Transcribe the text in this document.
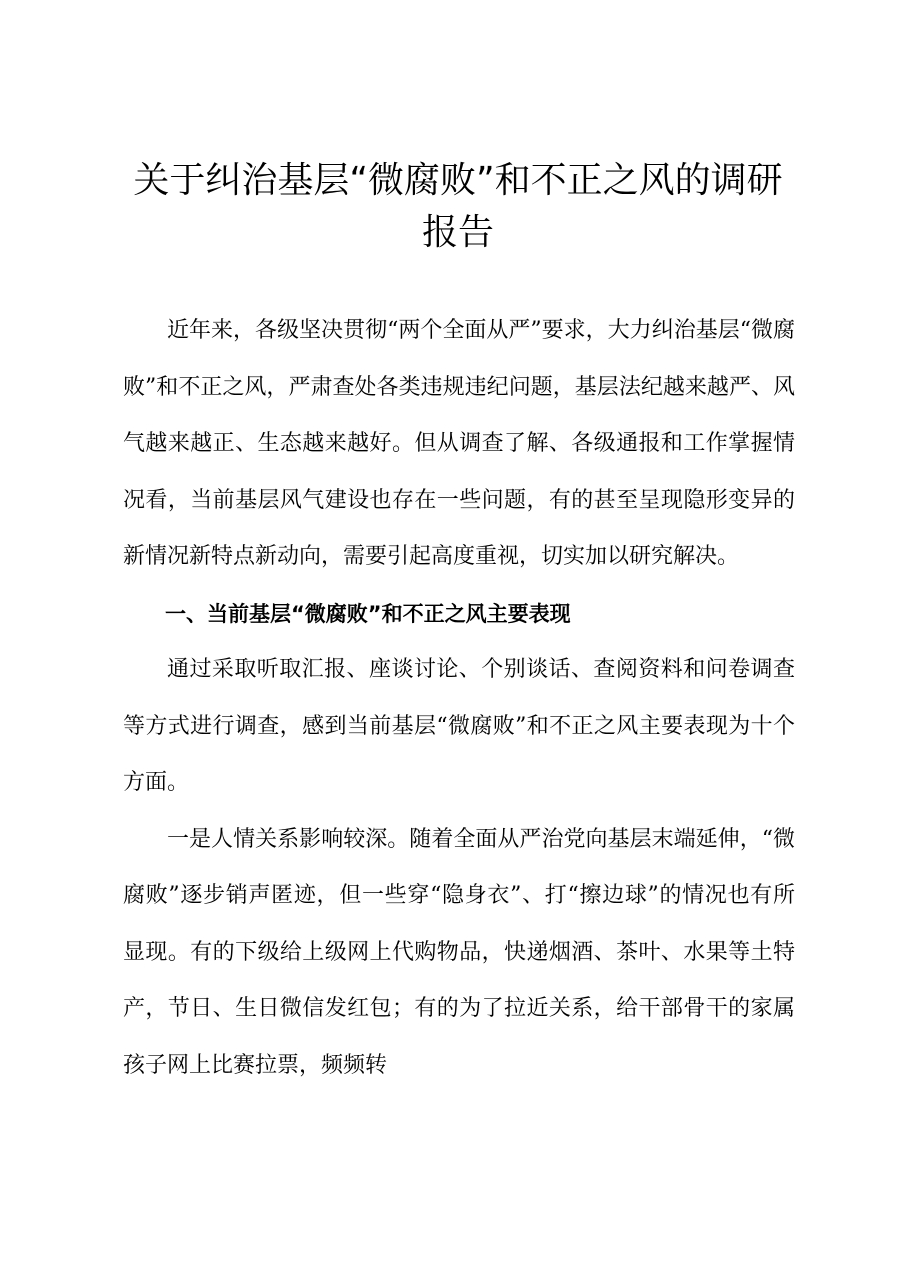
关于纠治基层“微腐败”和不正之风的调研报告

近年来，各级坚决贯彻“两个全面从严”要求，大力纠治基层“微腐败”和不正之风，严肃查处各类违规违纪问题，基层法纪越来越严、风气越来越正、生态越来越好。但从调查了解、各级通报和工作掌握情况看，当前基层风气建设也存在一些问题，有的甚至呈现隐形变异的新情况新特点新动向，需要引起高度重视，切实加以研究解决。

一、当前基层“微腐败”和不正之风主要表现

通过采取听取汇报、座谈讨论、个别谈话、查阅资料和问卷调查等方式进行调查，感到当前基层“微腐败”和不正之风主要表现为十个方面。

一是人情关系影响较深。随着全面从严治党向基层末端延伸，“微腐败”逐步销声匿迹，但一些穿“隐身衣”、打“擦边球”的情况也有所显现。有的下级给上级网上代购物品，快递烟酒、茶叶、水果等土特产，节日、生日微信发红包；有的为了拉近关系，给干部骨干的家属孩子网上比赛拉票，频频转
